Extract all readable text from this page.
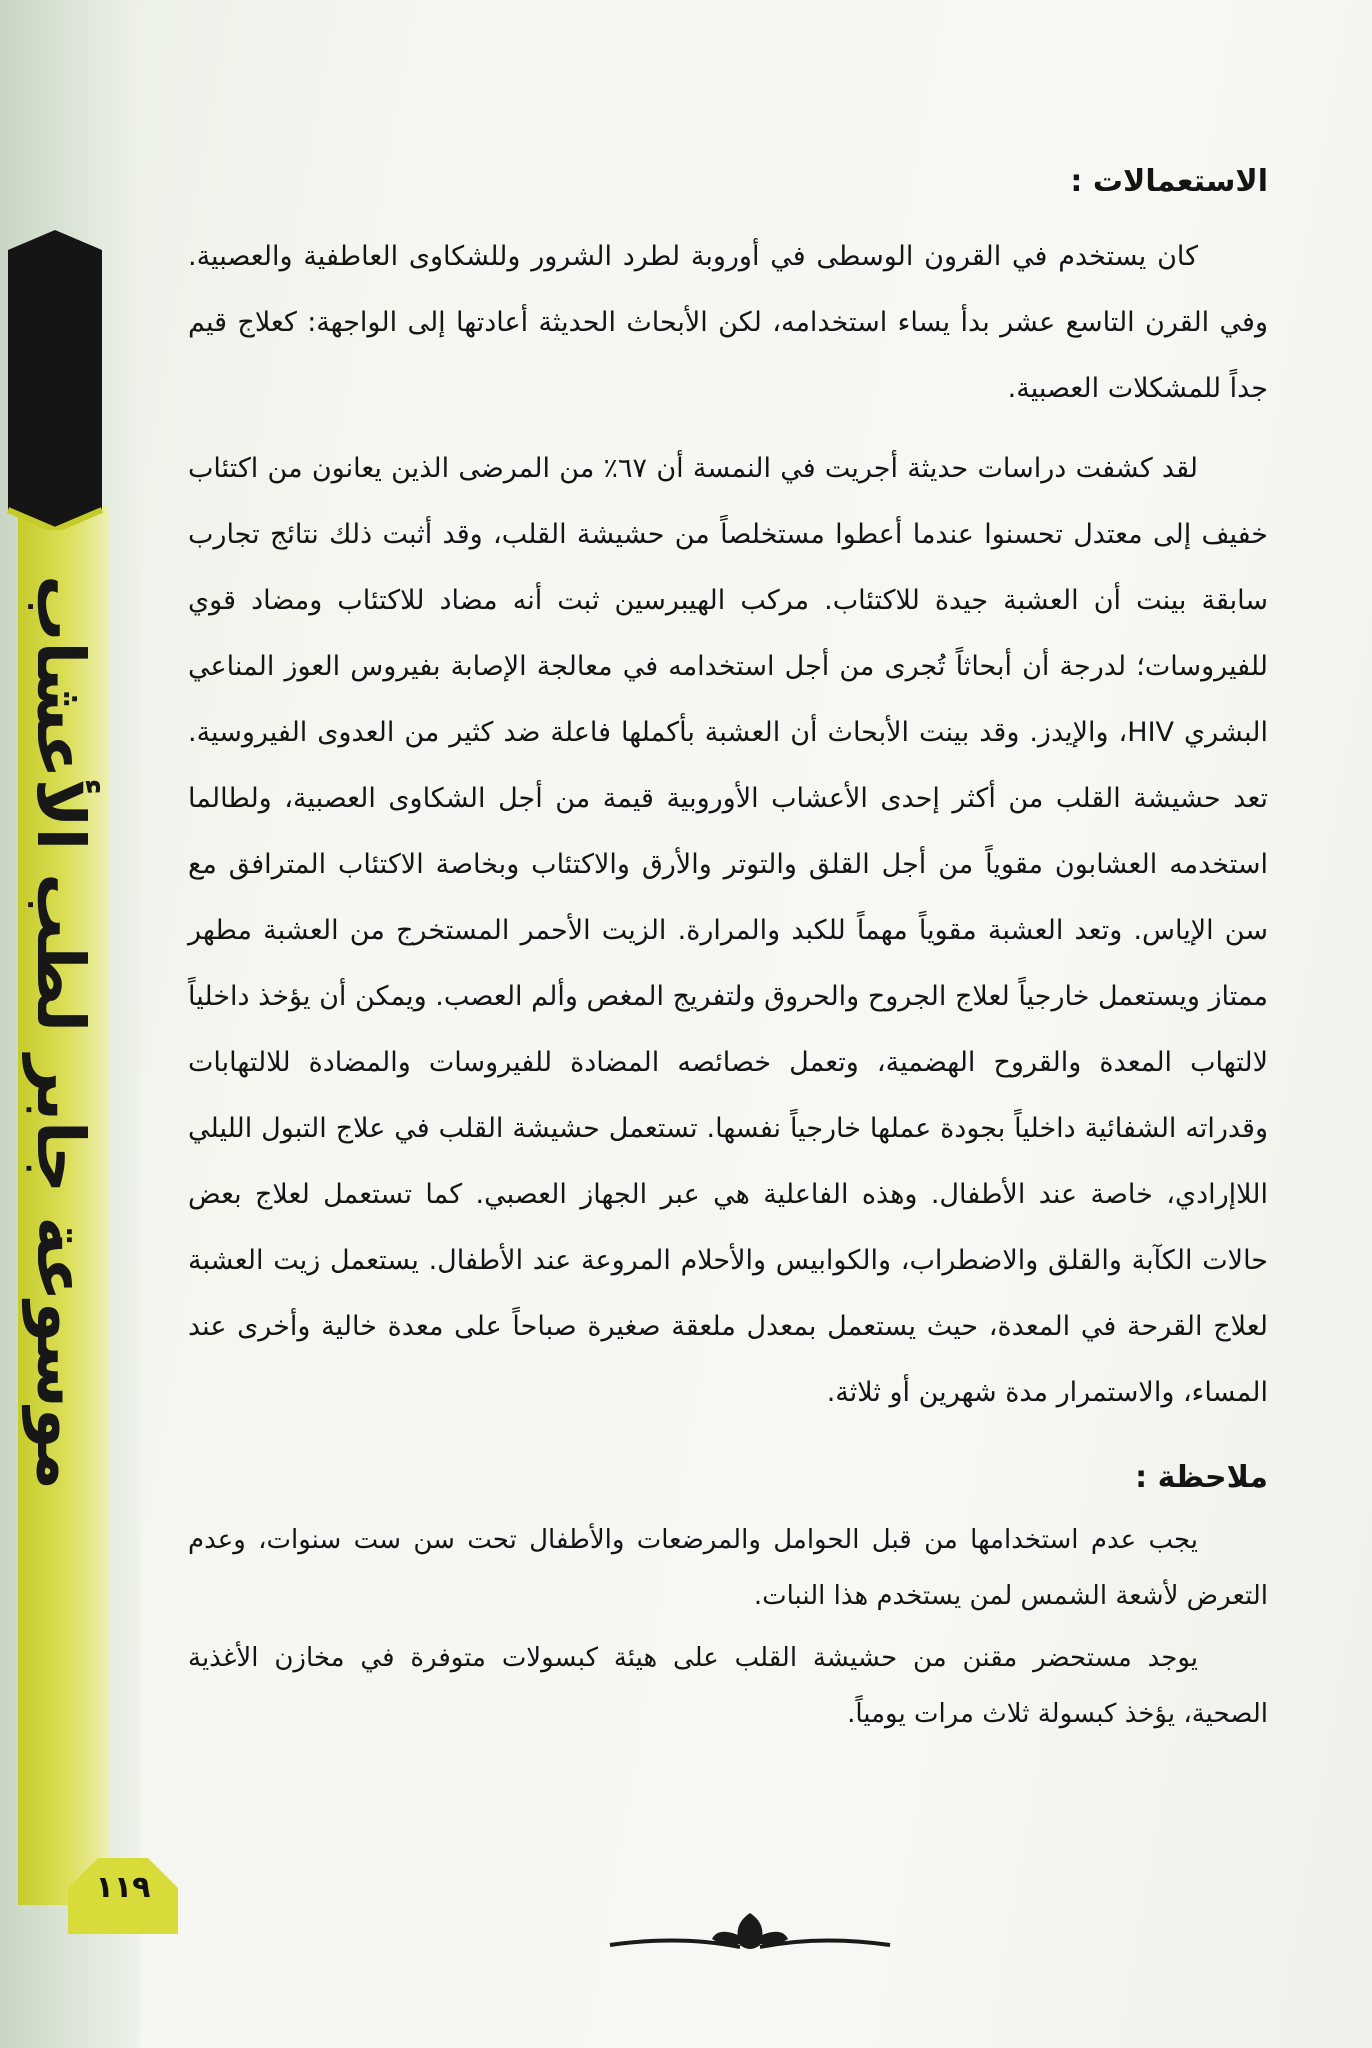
موسوعة جابر لطب الأعشاب
١١٩
الاستعمالات :

كان يستخدم في القرون الوسطى في أوروبة لطرد الشرور وللشكاوى العاطفية والعصبية. وفي القرن التاسع عشر بدأ يساء استخدامه، لكن الأبحاث الحديثة أعادتها إلى الواجهة: كعلاج قيم جداً للمشكلات العصبية.

لقد كشفت دراسات حديثة أجريت في النمسة أن ٦٧٪ من المرضى الذين يعانون من اكتئاب خفيف إلى معتدل تحسنوا عندما أعطوا مستخلصاً من حشيشة القلب، وقد أثبت ذلك نتائج تجارب سابقة بينت أن العشبة جيدة للاكتئاب. مركب الهيبرسين ثبت أنه مضاد للاكتئاب ومضاد قوي للفيروسات؛ لدرجة أن أبحاثاً تُجرى من أجل استخدامه في معالجة الإصابة بفيروس العوز المناعي البشري HIV، والإيدز. وقد بينت الأبحاث أن العشبة بأكملها فاعلة ضد كثير من العدوى الفيروسية. تعد حشيشة القلب من أكثر إحدى الأعشاب الأوروبية قيمة من أجل الشكاوى العصبية، ولطالما استخدمه العشابون مقوياً من أجل القلق والتوتر والأرق والاكتئاب وبخاصة الاكتئاب المترافق مع سن الإياس. وتعد العشبة مقوياً مهماً للكبد والمرارة. الزيت الأحمر المستخرج من العشبة مطهر ممتاز ويستعمل خارجياً لعلاج الجروح والحروق ولتفريج المغص وألم العصب. ويمكن أن يؤخذ داخلياً لالتهاب المعدة والقروح الهضمية، وتعمل خصائصه المضادة للفيروسات والمضادة للالتهابات وقدراته الشفائية داخلياً بجودة عملها خارجياً نفسها. تستعمل حشيشة القلب في علاج التبول الليلي اللاإرادي، خاصة عند الأطفال. وهذه الفاعلية هي عبر الجهاز العصبي. كما تستعمل لعلاج بعض حالات الكآبة والقلق والاضطراب، والكوابيس والأحلام المروعة عند الأطفال. يستعمل زيت العشبة لعلاج القرحة في المعدة، حيث يستعمل بمعدل ملعقة صغيرة صباحاً على معدة خالية وأخرى عند المساء، والاستمرار مدة شهرين أو ثلاثة.

ملاحظة :

يجب عدم استخدامها من قبل الحوامل والمرضعات والأطفال تحت سن ست سنوات، وعدم التعرض لأشعة الشمس لمن يستخدم هذا النبات.

يوجد مستحضر مقنن من حشيشة القلب على هيئة كبسولات متوفرة في مخازن الأغذية الصحية، يؤخذ كبسولة ثلاث مرات يومياً.
